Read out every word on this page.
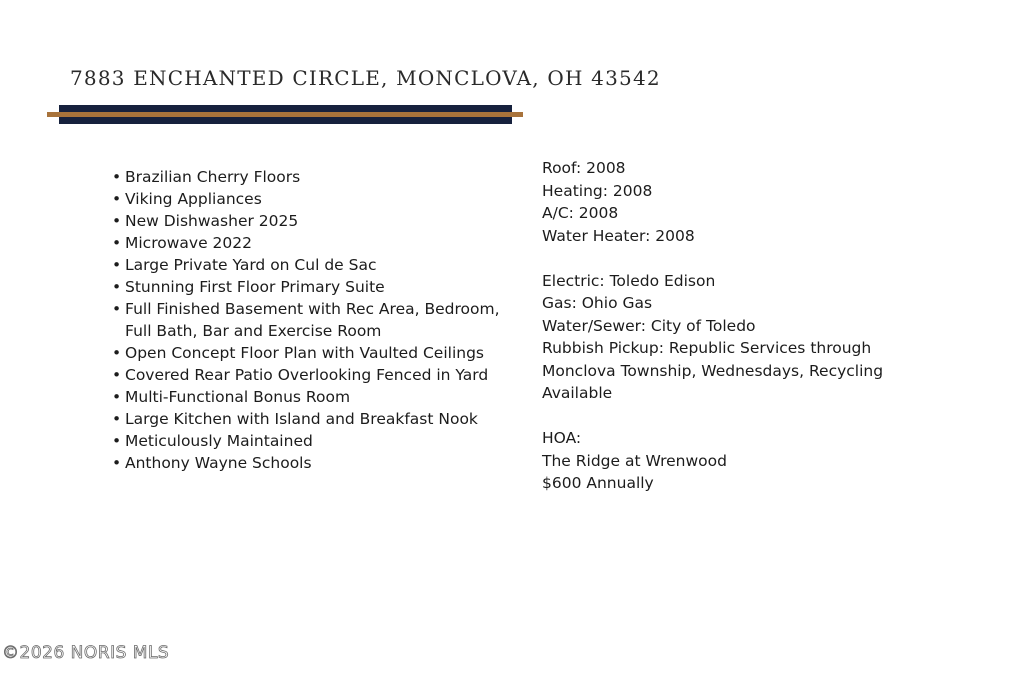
7883 ENCHANTED CIRCLE, MONCLOVA, OH 43542
• Brazilian Cherry Floors
• Viking Appliances
• New Dishwasher 2025
• Microwave 2022
• Large Private Yard on Cul de Sac
• Stunning First Floor Primary Suite
• Full Finished Basement with Rec Area, Bedroom, Full Bath, Bar and Exercise Room
• Open Concept Floor Plan with Vaulted Ceilings
• Covered Rear Patio Overlooking Fenced in Yard
• Multi-Functional Bonus Room
• Large Kitchen with Island and Breakfast Nook
• Meticulously Maintained
• Anthony Wayne Schools
Roof: 2008
Heating: 2008
A/C: 2008
Water Heater: 2008
Electric: Toledo Edison
Gas: Ohio Gas
Water/Sewer: City of Toledo
Rubbish Pickup: Republic Services through Monclova Township, Wednesdays, Recycling Available
HOA:
The Ridge at Wrenwood
$600 Annually
©2026 NORIS MLS
